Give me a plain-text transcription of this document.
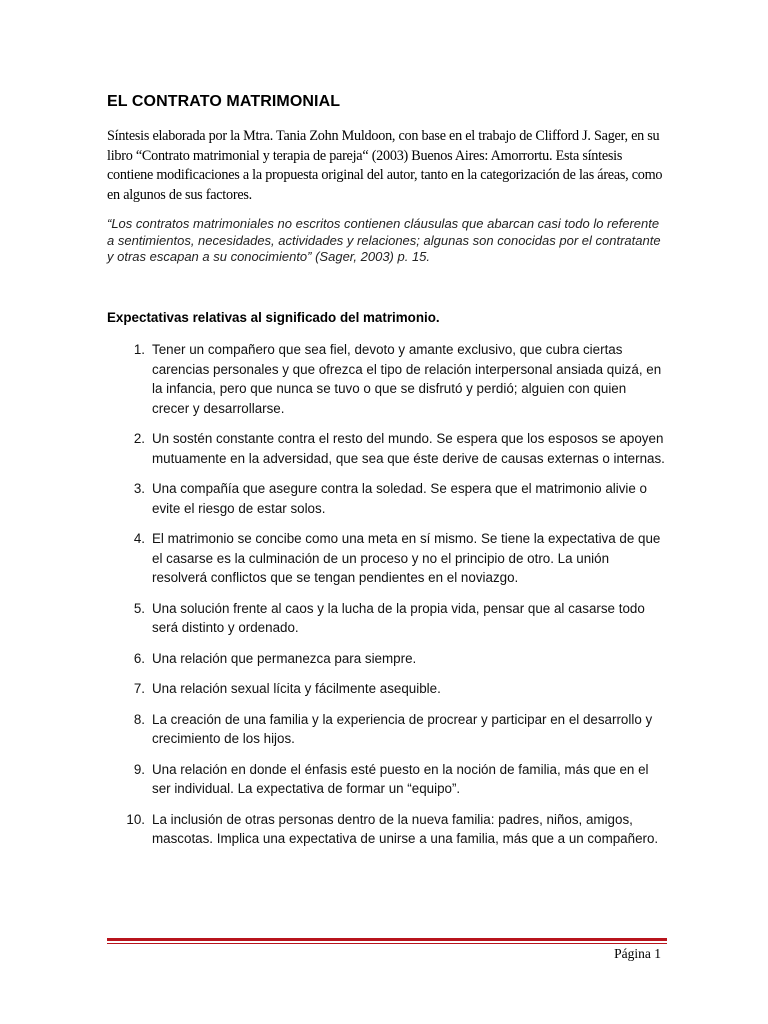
EL CONTRATO MATRIMONIAL
Síntesis elaborada por la Mtra. Tania Zohn Muldoon, con base en el trabajo de Clifford J. Sager, en su libro “Contrato matrimonial y terapia de pareja“ (2003) Buenos Aires: Amorrortu. Esta síntesis contiene modificaciones a la propuesta original del autor, tanto en la categorización de las áreas, como en algunos de sus factores.
“Los contratos matrimoniales no escritos contienen cláusulas que abarcan casi todo lo referente a sentimientos, necesidades, actividades y relaciones; algunas son conocidas por el contratante y otras escapan a su conocimiento” (Sager, 2003) p. 15.
Expectativas relativas al significado del matrimonio.
1. Tener un compañero que sea fiel, devoto y amante exclusivo, que cubra ciertas carencias personales y que ofrezca el tipo de relación interpersonal ansiada quizá, en la infancia, pero que nunca se tuvo o que se disfrutó y perdió; alguien con quien crecer y desarrollarse.
2. Un sostén constante contra el resto del mundo. Se espera que los esposos se apoyen mutuamente en la adversidad, que sea que éste derive de causas externas o internas.
3. Una compañía que asegure contra la soledad. Se espera que el matrimonio alivie o evite el riesgo de estar solos.
4. El matrimonio se concibe como una meta en sí mismo. Se tiene la expectativa de que el casarse es la culminación de un proceso y no el principio de otro. La unión resolverá conflictos que se tengan pendientes en el noviazgo.
5. Una solución frente al caos y la lucha de la propia vida, pensar que al casarse todo será distinto y ordenado.
6. Una relación que permanezca para siempre.
7. Una relación sexual lícita y fácilmente asequible.
8. La creación de una familia y la experiencia de procrear y participar en el desarrollo y crecimiento de los hijos.
9. Una relación en donde el énfasis esté puesto en la noción de familia, más que en el ser individual. La expectativa de formar un “equipo”.
10. La inclusión de otras personas dentro de la nueva familia: padres, niños, amigos, mascotas. Implica una expectativa de unirse a una familia, más que a un compañero.
Página 1
